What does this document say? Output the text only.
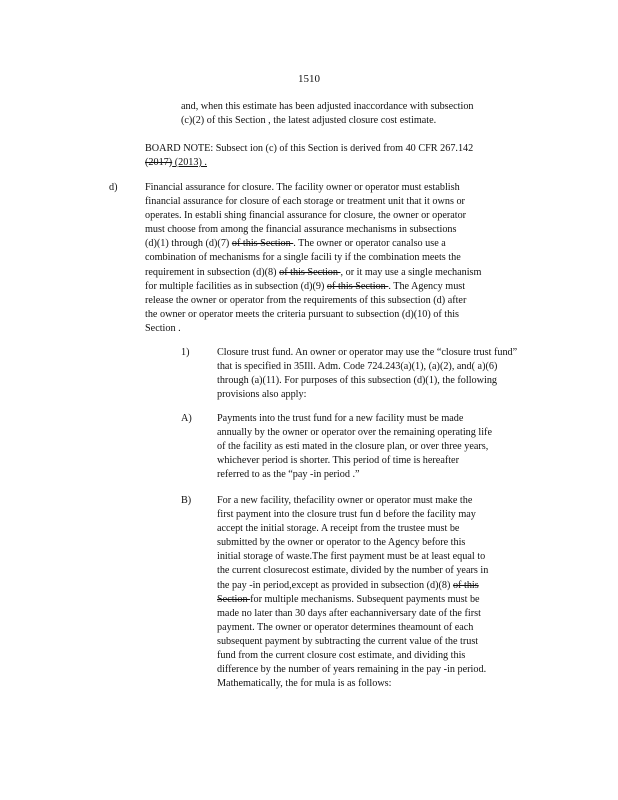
1510
and, when this estimate has been adjusted inaccordance with subsection
(c)(2) of this Section , the latest adjusted closure cost estimate.
BOARD NOTE: Subsect ion (c) of this Section is derived from 40 CFR 267.142
(2017) (2013) .
d)	Financial assurance for closure. The facility owner or operator must establish
financial assurance for closure of each storage or treatment unit that it owns or
operates. In establi shing financial assurance for closure, the owner or operator
must choose from among the financial assurance mechanisms in subsections
(d)(1) through (d)(7) of this Section . The owner or operator canalso use a
combination of mechanisms for a single facili ty if the combination meets the
requirement in subsection (d)(8) of this Section , or it may use a single mechanism
for multiple facilities as in subsection (d)(9) of this Section . The Agency must
release the owner or operator from the requirements of this subsection (d) after
the owner or operator meets the criteria pursuant to subsection (d)(10) of this
Section .
1)	Closure trust fund. An owner or operator may use the “closure trust fund”
that is specified in 35Ill. Adm. Code 724.243(a)(1), (a)(2), and( a)(6)
through (a)(11). For purposes of this subsection (d)(1), the following
provisions also apply:
A) Payments into the trust fund for a new facility must be made
annually by the owner or operator over the remaining operating life
of the facility as esti mated in the closure plan, or over three years,
whichever period is shorter. This period of time is hereafter
referred to as the “pay -in period .”
B)	For a new facility, thefacility owner or operator must make the
first payment into the closure trust fun d before the facility may
accept the initial storage. A receipt from the trustee must be
submitted by the owner or operator to the Agency before this
initial storage of waste.The first payment must be at least equal to
the current closurecost estimate, divided by the number of years in
the pay -in period,except as provided in subsection (d)(8) of this
Section for multiple mechanisms. Subsequent payments must be
made no later than 30 days after eachanniversary date of the first
payment. The owner or operator determines theamount of each
subsequent payment by subtracting the current value of the trust
fund from the current closure cost estimate, and dividing this
difference by the number of years remaining in the pay -in period.
Mathematically, the for mula is as follows:
